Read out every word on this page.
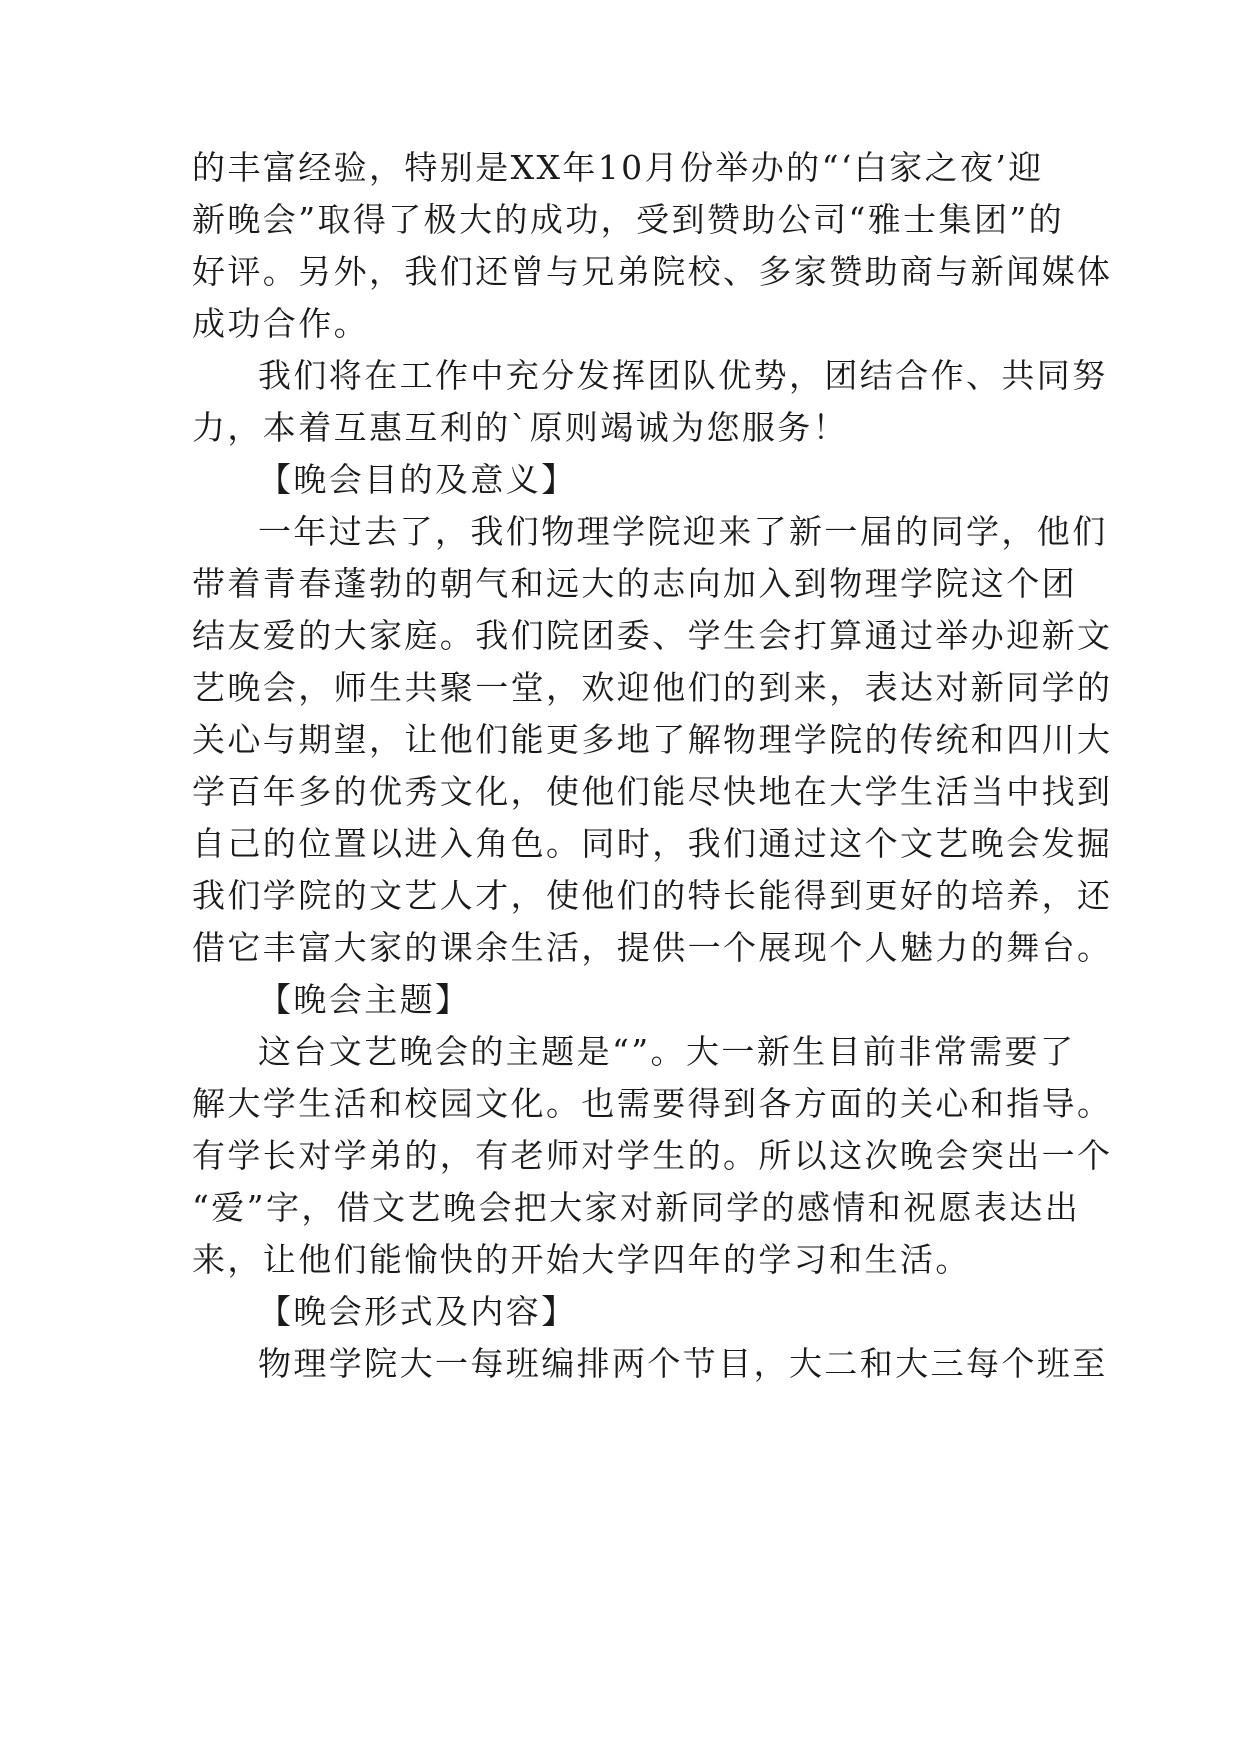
的丰富经验，特别是XX年10月份举办的“‘白家之夜’迎
新晚会”取得了极大的成功，受到赞助公司“雅士集团”的
好评。另外，我们还曾与兄弟院校、多家赞助商与新闻媒体
成功合作。
我们将在工作中充分发挥团队优势，团结合作、共同努
力，本着互惠互利的`原则竭诚为您服务！
【晚会目的及意义】
一年过去了，我们物理学院迎来了新一届的同学，他们
带着青春蓬勃的朝气和远大的志向加入到物理学院这个团
结友爱的大家庭。我们院团委、学生会打算通过举办迎新文
艺晚会，师生共聚一堂，欢迎他们的到来，表达对新同学的
关心与期望，让他们能更多地了解物理学院的传统和四川大
学百年多的优秀文化，使他们能尽快地在大学生活当中找到
自己的位置以进入角色。同时，我们通过这个文艺晚会发掘
我们学院的文艺人才，使他们的特长能得到更好的培养，还
借它丰富大家的课余生活，提供一个展现个人魅力的舞台。
【晚会主题】
这台文艺晚会的主题是“”。大一新生目前非常需要了
解大学生活和校园文化。也需要得到各方面的关心和指导。
有学长对学弟的，有老师对学生的。所以这次晚会突出一个
“爱”字，借文艺晚会把大家对新同学的感情和祝愿表达出
来，让他们能愉快的开始大学四年的学习和生活。
【晚会形式及内容】
物理学院大一每班编排两个节目，大二和大三每个班至
